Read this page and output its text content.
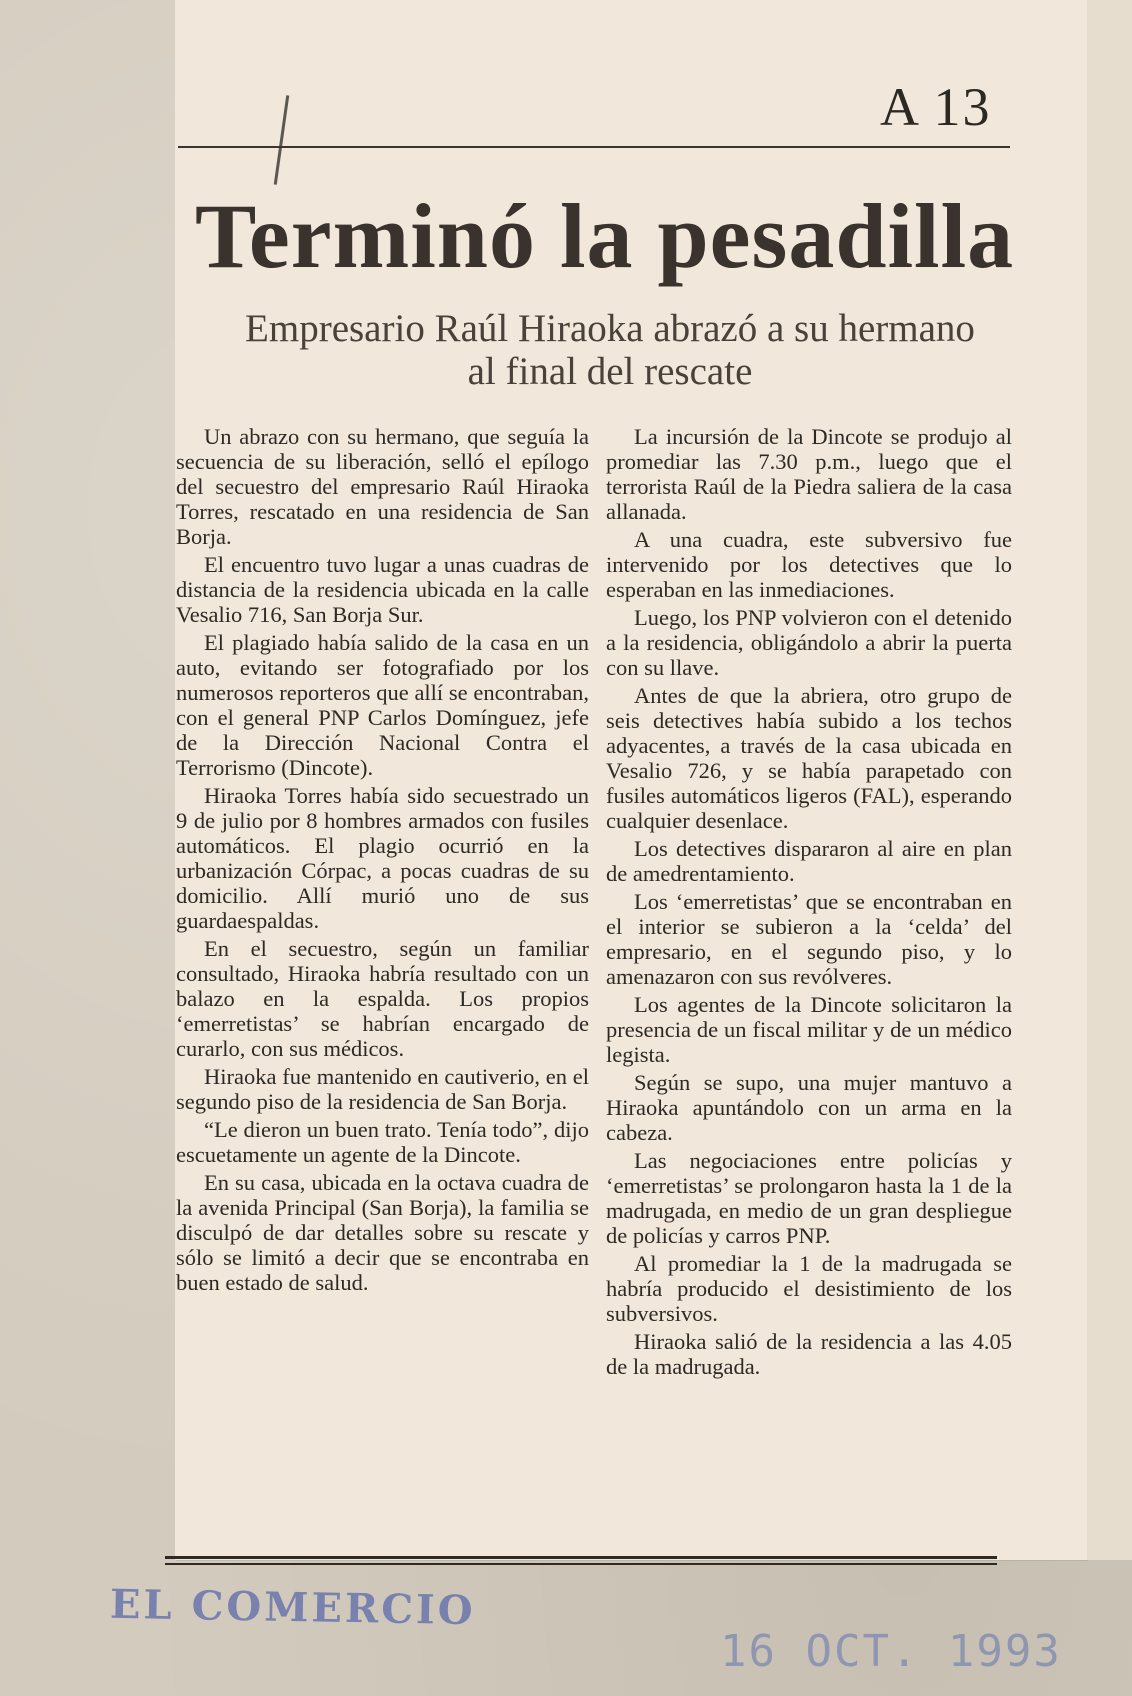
A 13
Terminó la pesadilla
Empresario Raúl Hiraoka abrazó a su hermano al final del rescate

Un abrazo con su hermano, que seguía la secuencia de su liberación, selló el epílogo del secuestro del empresario Raúl Hiraoka Torres, rescatado en una residencia de San Borja.

El encuentro tuvo lugar a unas cuadras de distancia de la residencia ubicada en la calle Vesalio 716, San Borja Sur.

El plagiado había salido de la casa en un auto, evitando ser fotografiado por los numerosos reporteros que allí se encontraban, con el general PNP Carlos Domínguez, jefe de la Dirección Nacional Contra el Terrorismo (Dincote).

Hiraoka Torres había sido secuestrado un 9 de julio por 8 hombres armados con fusiles automáticos. El plagio ocurrió en la urbanización Córpac, a pocas cuadras de su domicilio. Allí murió uno de sus guardaespaldas.

En el secuestro, según un familiar consultado, Hiraoka habría resultado con un balazo en la espalda. Los propios ‘emerretistas’ se habrían encargado de curarlo, con sus médicos.

Hiraoka fue mantenido en cautiverio, en el segundo piso de la residencia de San Borja.

“Le dieron un buen trato. Tenía todo”, dijo escuetamente un agente de la Dincote.

En su casa, ubicada en la octava cuadra de la avenida Principal (San Borja), la familia se disculpó de dar detalles sobre su rescate y sólo se limitó a decir que se encontraba en buen estado de salud.

La incursión de la Dincote se produjo al promediar las 7.30 p.m., luego que el terrorista Raúl de la Piedra saliera de la casa allanada.

A una cuadra, este subversivo fue intervenido por los detectives que lo esperaban en las inmediaciones.

Luego, los PNP volvieron con el detenido a la residencia, obligándolo a abrir la puerta con su llave.

Antes de que la abriera, otro grupo de seis detectives había subido a los techos adyacentes, a través de la casa ubicada en Vesalio 726, y se había parapetado con fusiles automáticos ligeros (FAL), esperando cualquier desenlace.

Los detectives dispararon al aire en plan de amedrentamiento.

Los ‘emerretistas’ que se encontraban en el interior se subieron a la ‘celda’ del empresario, en el segundo piso, y lo amenazaron con sus revólveres.

Los agentes de la Dincote solicitaron la presencia de un fiscal militar y de un médico legista.

Según se supo, una mujer mantuvo a Hiraoka apuntándolo con un arma en la cabeza.

Las negociaciones entre policías y ‘emerretistas’ se prolongaron hasta la 1 de la madrugada, en medio de un gran despliegue de policías y carros PNP.

Al promediar la 1 de la madrugada se habría producido el desistimiento de los subversivos.

Hiraoka salió de la residencia a las 4.05 de la madrugada.

EL COMERCIO
16 OCT. 1993
